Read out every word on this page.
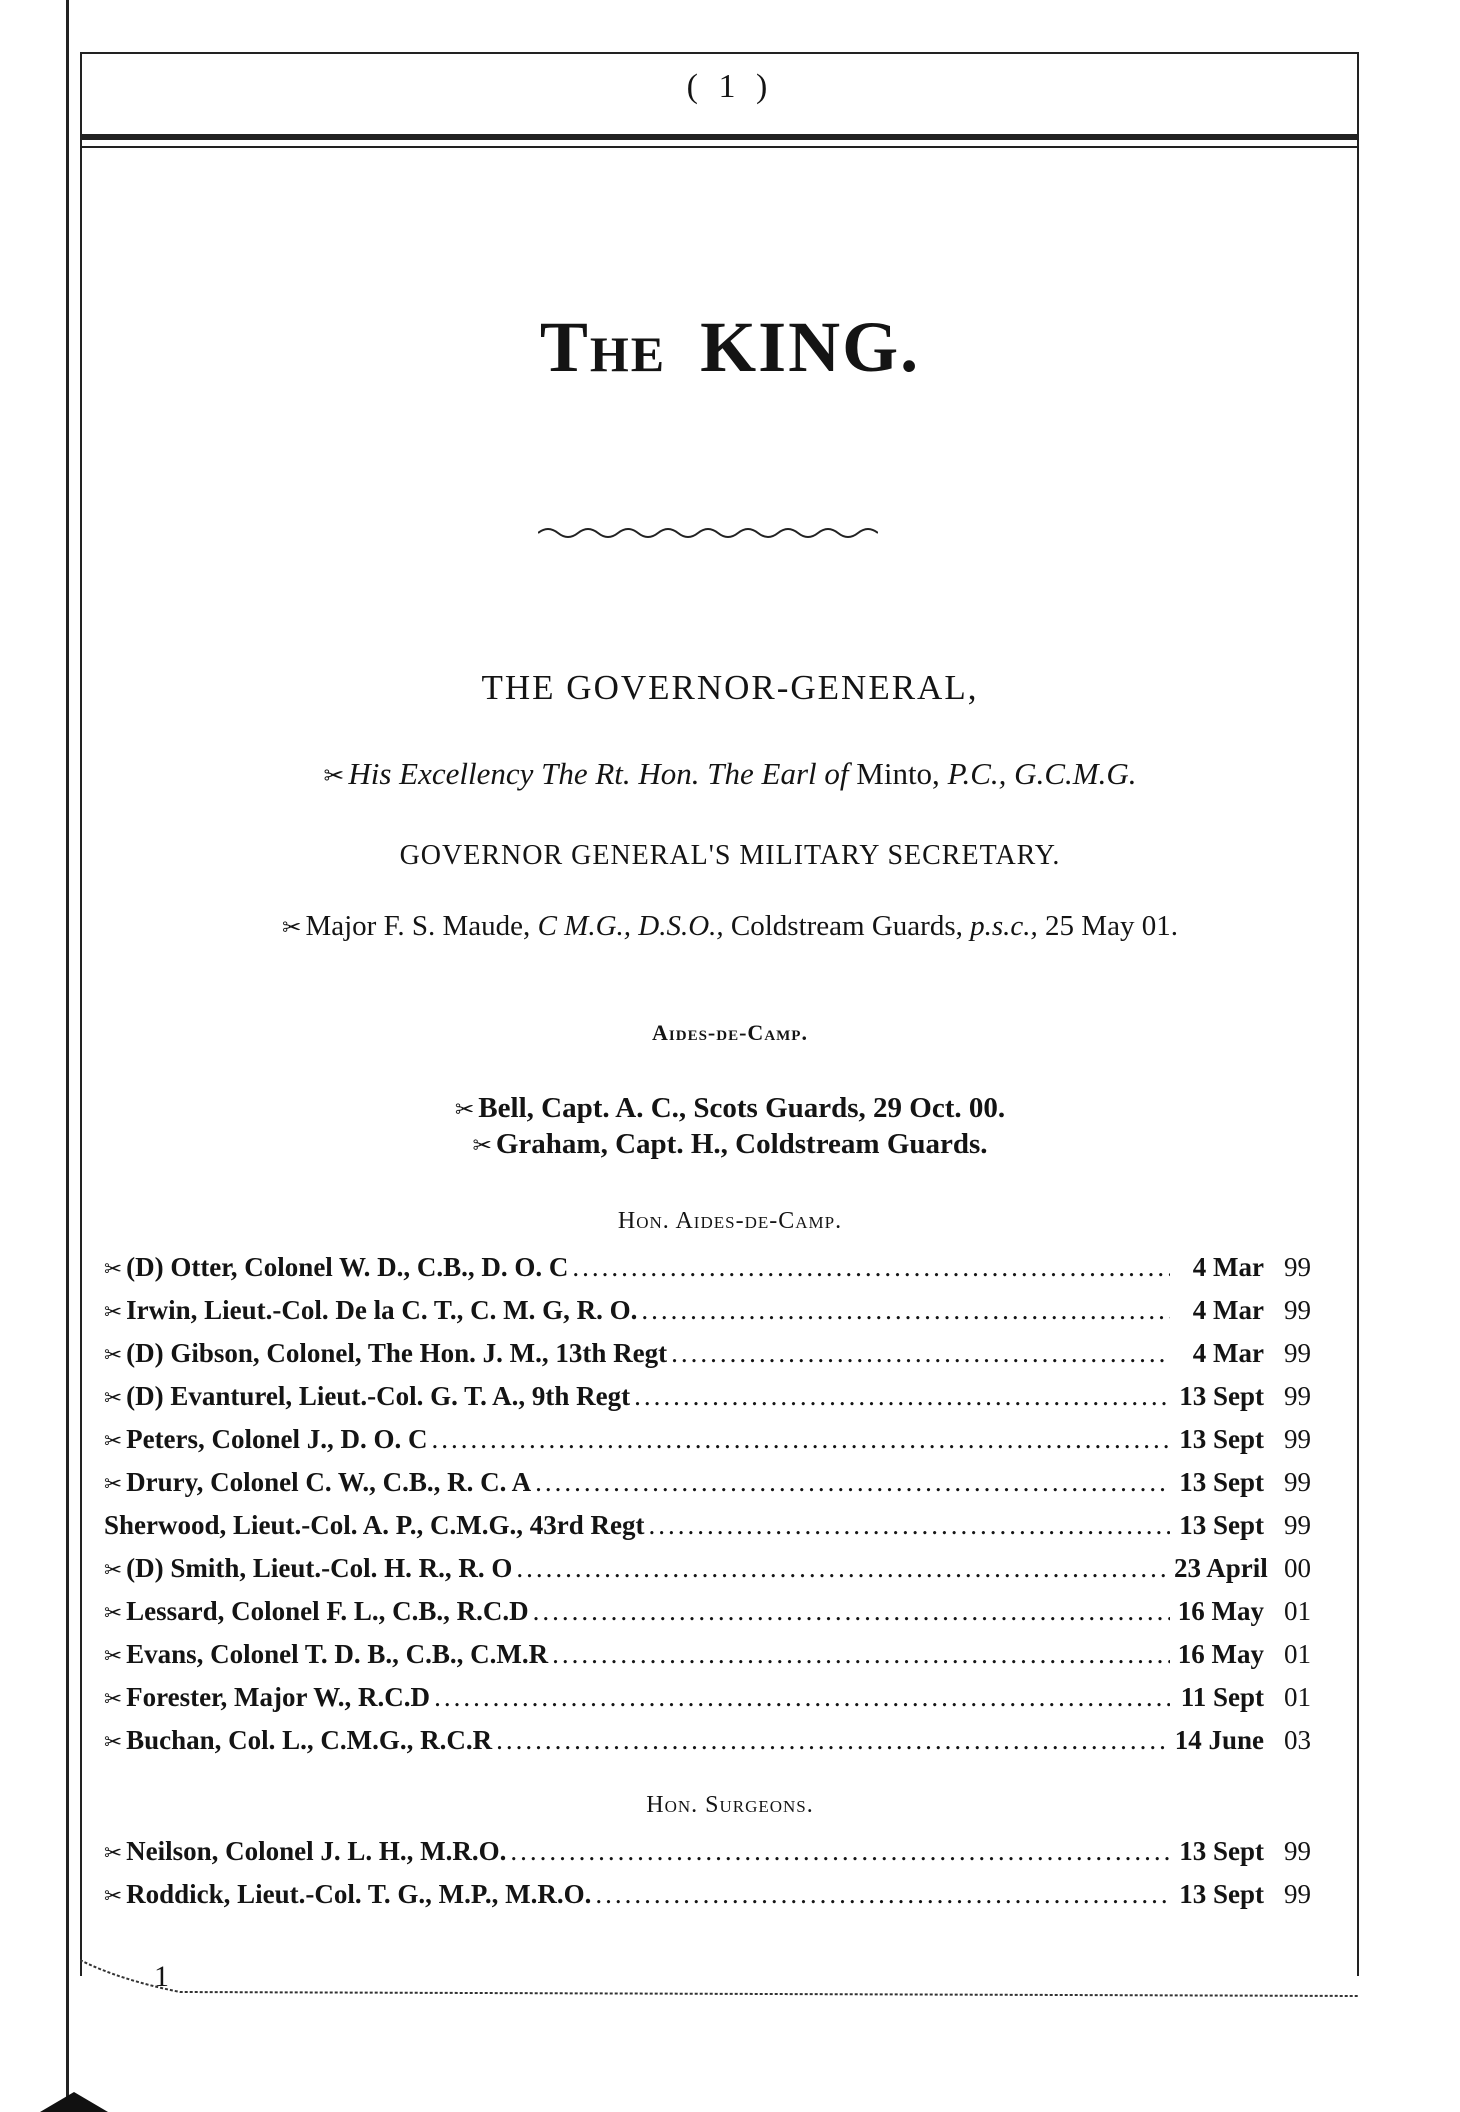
( 1 )
The KING.
THE GOVERNOR-GENERAL,
✂ His Excellency The Rt. Hon. The Earl of Minto, P.C., G.C.M.G.
GOVERNOR GENERAL'S MILITARY SECRETARY.
✂ Major F. S. Maude, C M.G., D.S.O., Coldstream Guards, p.s.c., 25 May 01.
Aides-de-Camp.
✂ Bell, Capt. A. C., Scots Guards, 29 Oct. 00.
✂ Graham, Capt. H., Coldstream Guards.
Hon. Aides-de-Camp.
✂ (D) Otter, Colonel W. D., C.B., D. O. C .....	4 Mar 99
✂ Irwin, Lieut.-Col. De la C. T., C. M. G, R. O. .....	4 Mar 99
✂ (D) Gibson, Colonel, The Hon. J. M., 13th Regt .....	4 Mar 99
✂ (D) Evanturel, Lieut.-Col. G. T. A., 9th Regt .....	13 Sept 99
✂ Peters, Colonel J., D. O. C .....	13 Sept 99
✂ Drury, Colonel C. W., C.B., R. C. A .....	13 Sept 99
Sherwood, Lieut.-Col. A. P., C.M.G., 43rd Regt .....	13 Sept 99
✂ (D) Smith, Lieut.-Col. H. R., R. O .....	23 April 00
✂ Lessard, Colonel F. L., C.B., R.C.D .....	16 May 01
✂ Evans, Colonel T. D. B., C.B., C.M.R .....	16 May 01
✂ Forester, Major W., R.C.D .....	11 Sept 01
✂ Buchan, Col. L., C.M.G., R.C.R .....	14 June 03
Hon. Surgeons.
✂ Neilson, Colonel J. L. H., M.R.O. .....	13 Sept 99
✂ Roddick, Lieut.-Col. T. G., M.P., M.R.O. .....	13 Sept 99
1
